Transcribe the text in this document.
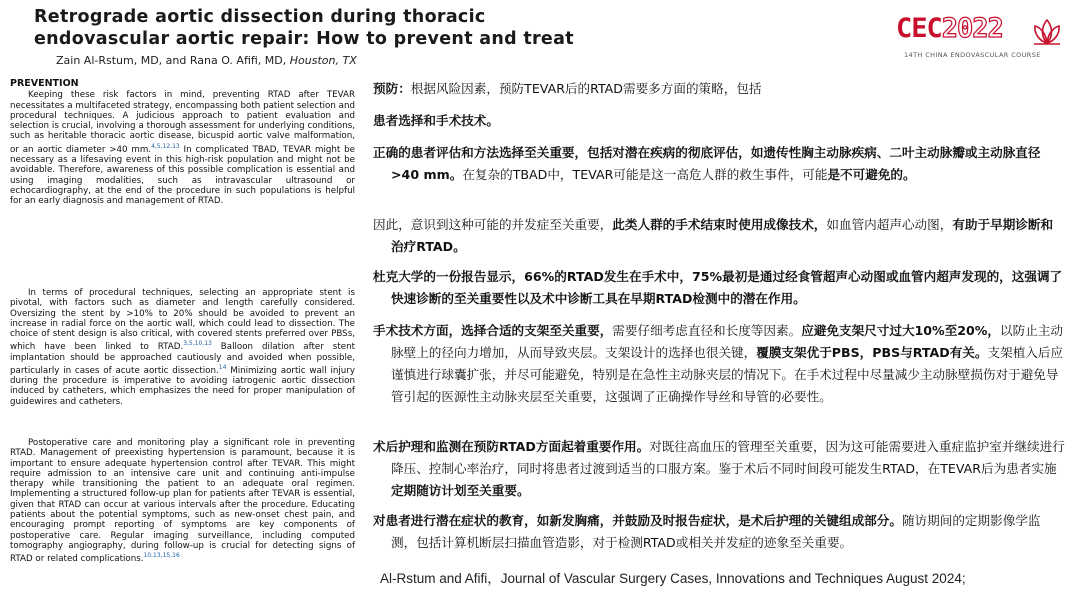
Retrograde aortic dissection during thoracic
endovascular aortic repair: How to prevent and treat
Zain Al-Rstum, MD, and Rana O. Afifi, MD, Houston, TX
CEC2022
14TH CHINA ENDOVASCULAR COURSE

PREVENTION

Keeping these risk factors in mind, preventing RTAD after TEVAR necessitates a multifaceted strategy, encompassing both patient selection and procedural techniques. A judicious approach to patient evaluation and selection is crucial, involving a thorough assessment for underlying conditions, such as heritable thoracic aortic disease, bicuspid aortic valve malformation, or an aortic diameter >40 mm.$^{4,5,12,13}$ In complicated TBAD, TEVAR might be necessary as a lifesaving event in this high-risk population and might not be avoidable. Therefore, awareness of this possible complication is essential and using imaging modalities, such as intravascular ultrasound or echocardiography, at the end of the procedure in such populations is helpful for an early diagnosis and management of RTAD.

In terms of procedural techniques, selecting an appropriate stent is pivotal, with factors such as diameter and length carefully considered. Oversizing the stent by >10% to 20% should be avoided to prevent an increase in radial force on the aortic wall, which could lead to dissection. The choice of stent design is also critical, with covered stents preferred over PBSs, which have been linked to RTAD.$^{3,5,10,13}$ Balloon dilation after stent implantation should be approached cautiously and avoided when possible, particularly in cases of acute aortic dissection.$^{14}$ Minimizing aortic wall injury during the procedure is imperative to avoiding iatrogenic aortic dissection induced by catheters, which emphasizes the need for proper manipulation of guidewires and catheters.

Postoperative care and monitoring play a significant role in preventing RTAD. Management of preexisting hypertension is paramount, because it is important to ensure adequate hypertension control after TEVAR. This might require admission to an intensive care unit and continuing anti-impulse therapy while transitioning the patient to an adequate oral regimen. Implementing a structured follow-up plan for patients after TEVAR is essential, given that RTAD can occur at various intervals after the procedure. Educating patients about the potential symptoms, such as new-onset chest pain, and encouraging prompt reporting of symptoms are key components of postoperative care. Regular imaging surveillance, including computed tomography angiography, during follow-up is crucial for detecting signs of RTAD or related complications.$^{10,13,15,16}$

预防：根据风险因素，预防TEVAR后的RTAD需要多方面的策略，包括

患者选择和手术技术。

正确的患者评估和方法选择至关重要，包括对潜在疾病的彻底评估，如遗传性胸主动脉疾病、二叶主动脉瓣或主动脉直径>40 mm。在复杂的TBAD中，TEVAR可能是这一高危人群的救生事件，可能是不可避免的。

因此，意识到这种可能的并发症至关重要，此类人群的手术结束时使用成像技术，如血管内超声心动图，有助于早期诊断和治疗RTAD。

杜克大学的一份报告显示，66%的RTAD发生在手术中，75%最初是通过经食管超声心动图或血管内超声发现的，这强调了快速诊断的至关重要性以及术中诊断工具在早期RTAD检测中的潜在作用。

手术技术方面，选择合适的支架至关重要，需要仔细考虑直径和长度等因素。应避免支架尺寸过大10%至20%，以防止主动脉壁上的径向力增加，从而导致夹层。支架设计的选择也很关键，覆膜支架优于PBS，PBS与RTAD有关。支架植入后应谨慎进行球囊扩张，并尽可能避免，特别是在急性主动脉夹层的情况下。在手术过程中尽量减少主动脉壁损伤对于避免导管引起的医源性主动脉夹层至关重要，这强调了正确操作导丝和导管的必要性。

术后护理和监测在预防RTAD方面起着重要作用。对既往高血压的管理至关重要，因为这可能需要进入重症监护室并继续进行降压、控制心率治疗，同时将患者过渡到适当的口服方案。鉴于术后不同时间段可能发生RTAD，在TEVAR后为患者实施定期随访计划至关重要。

对患者进行潜在症状的教育，如新发胸痛，并鼓励及时报告症状，是术后护理的关键组成部分。随访期间的定期影像学监测，包括计算机断层扫描血管造影，对于检测RTAD或相关并发症的迹象至关重要。

Al-Rstum and Afifi，Journal of Vascular Surgery Cases, Innovations and Techniques August 2024;
